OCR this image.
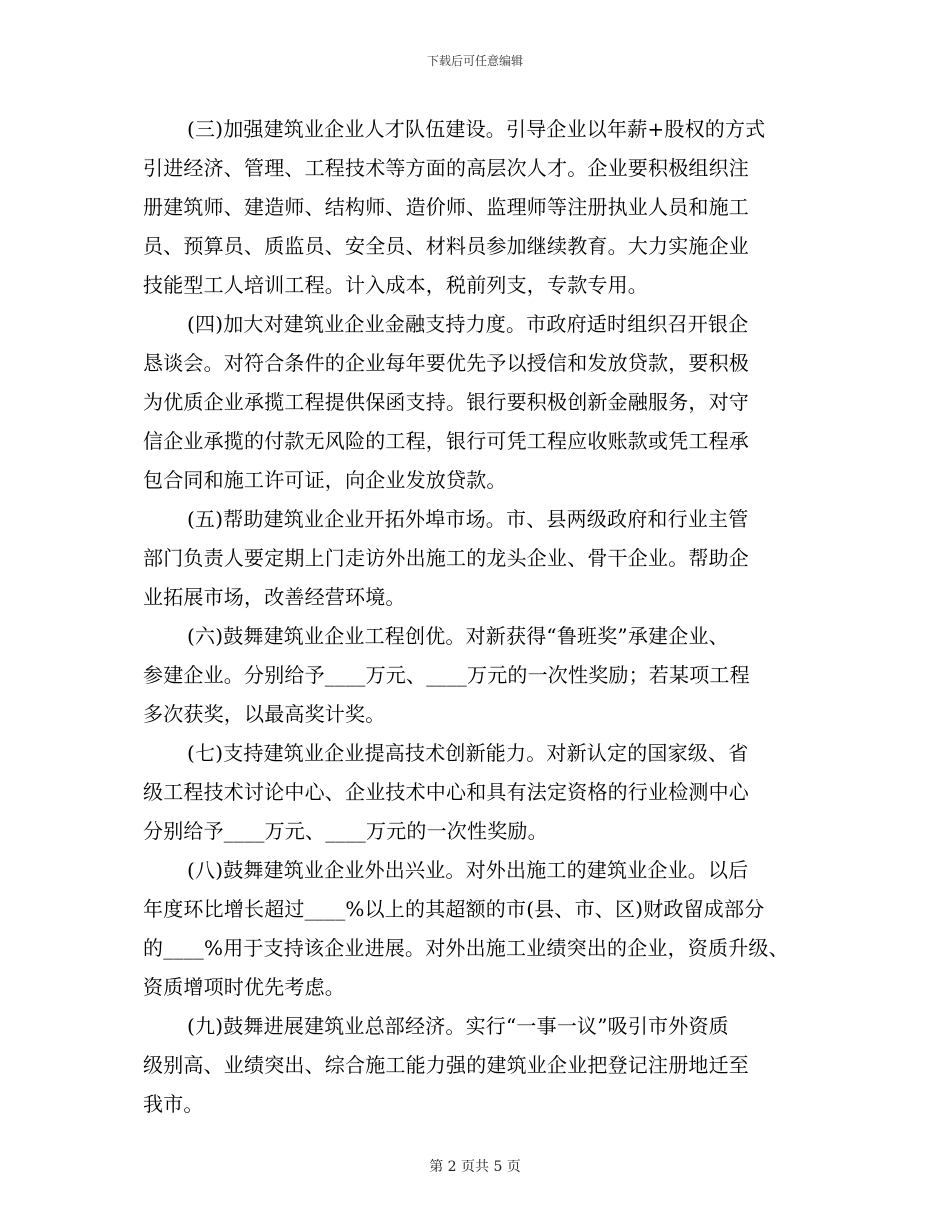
下载后可任意编辑
(三)加强建筑业企业人才队伍建设。引导企业以年薪+股权的方式
引进经济、管理、工程技术等方面的高层次人才。企业要积极组织注
册建筑师、建造师、结构师、造价师、监理师等注册执业人员和施工
员、预算员、质监员、安全员、材料员参加继续教育。大力实施企业
技能型工人培训工程。计入成本，税前列支，专款专用。
(四)加大对建筑业企业金融支持力度。市政府适时组织召开银企
恳谈会。对符合条件的企业每年要优先予以授信和发放贷款，要积极
为优质企业承揽工程提供保函支持。银行要积极创新金融服务，对守
信企业承揽的付款无风险的工程，银行可凭工程应收账款或凭工程承
包合同和施工许可证，向企业发放贷款。
(五)帮助建筑业企业开拓外埠市场。市、县两级政府和行业主管
部门负责人要定期上门走访外出施工的龙头企业、骨干企业。帮助企
业拓展市场，改善经营环境。
(六)鼓舞建筑业企业工程创优。对新获得“鲁班奖”承建企业、
参建企业。分别给予____万元、____万元的一次性奖励；若某项工程
多次获奖，以最高奖计奖。
(七)支持建筑业企业提高技术创新能力。对新认定的国家级、省
级工程技术讨论中心、企业技术中心和具有法定资格的行业检测中心
分别给予____万元、____万元的一次性奖励。
(八)鼓舞建筑业企业外出兴业。对外出施工的建筑业企业。以后
年度环比增长超过____%以上的其超额的市(县、市、区)财政留成部分
的____%用于支持该企业进展。对外出施工业绩突出的企业，资质升级、
资质增项时优先考虑。
(九)鼓舞进展建筑业总部经济。实行“一事一议”吸引市外资质
级别高、业绩突出、综合施工能力强的建筑业企业把登记注册地迁至
我市。
第 2 页共 5 页
